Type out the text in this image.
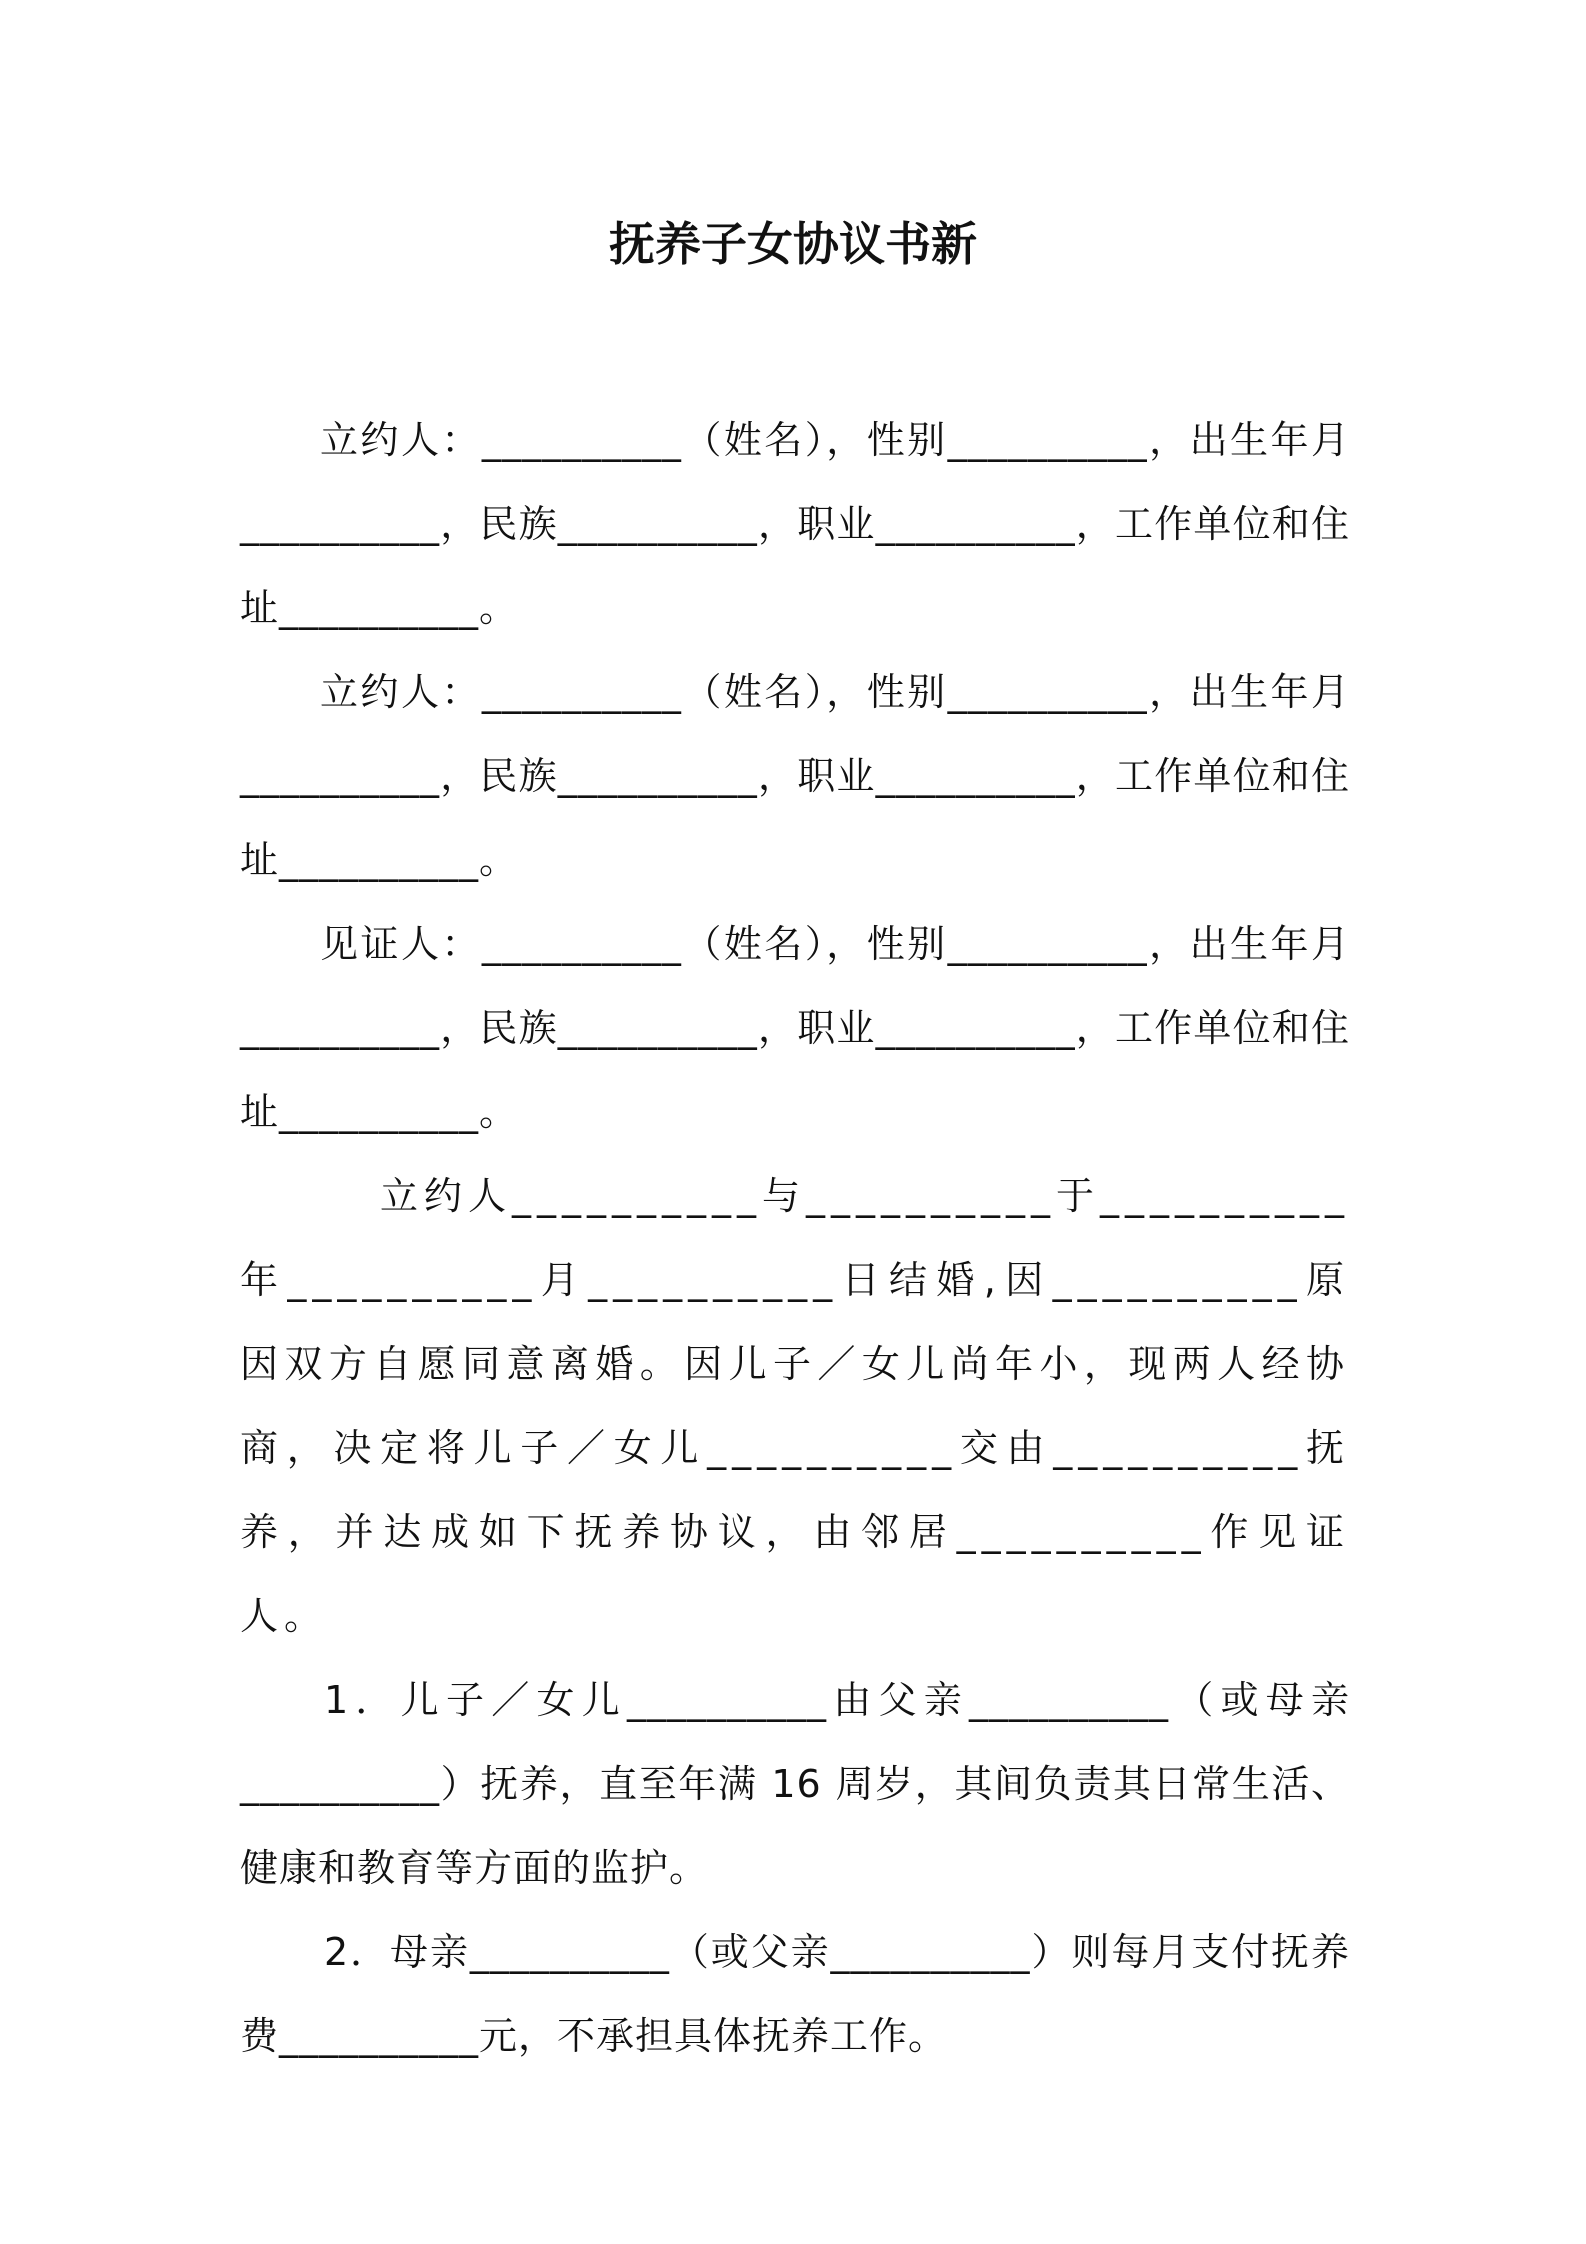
抚养子女协议书新

立约人：__________（姓名），性别__________，出生年月__________，民族__________，职业__________，工作单位和住址__________。

立约人：__________（姓名），性别__________，出生年月__________，民族__________，职业__________，工作单位和住址__________。

见证人：__________（姓名），性别__________，出生年月__________，民族__________，职业__________，工作单位和住址__________。

立约人__________与__________于__________年__________月__________日结婚,因__________原因双方自愿同意离婚。因儿子／女儿尚年小，现两人经协商，决定将儿子／女儿__________交由__________抚养，并达成如下抚养协议，由邻居__________作见证人。

1．儿子／女儿__________由父亲__________（或母亲__________）抚养，直至年满 16 周岁，其间负责其日常生活、健康和教育等方面的监护。

2．母亲__________（或父亲__________）则每月支付抚养费__________元，不承担具体抚养工作。
